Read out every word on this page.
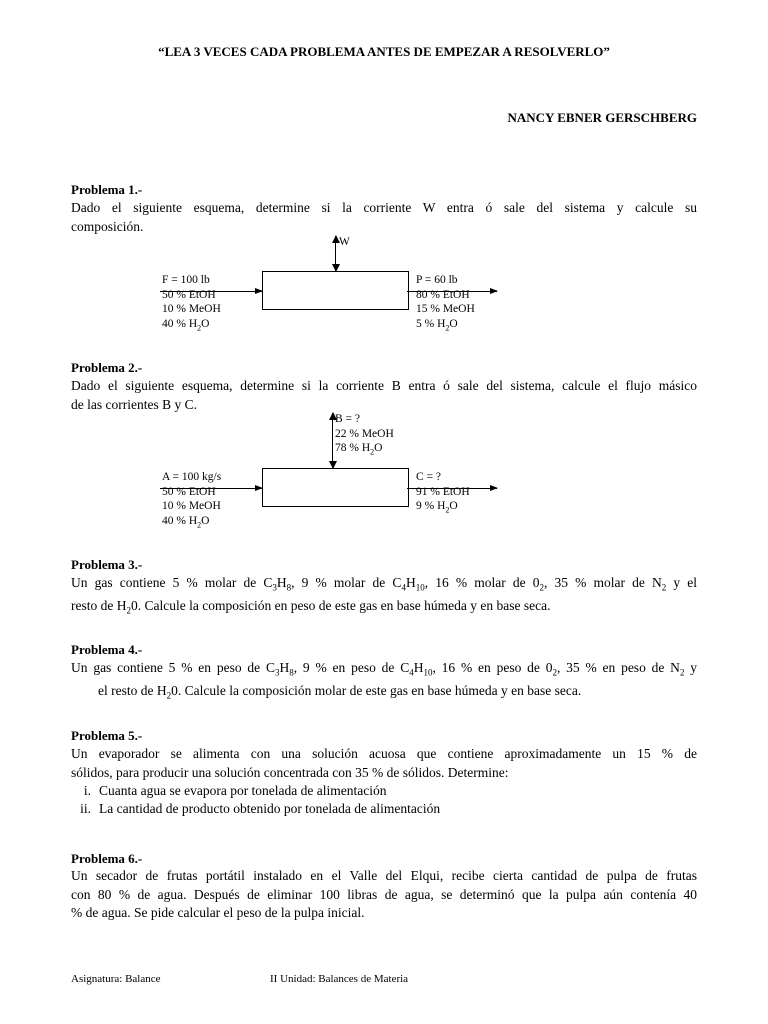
“LEA 3 VECES CADA PROBLEMA ANTES DE EMPEZAR A RESOLVERLO”
NANCY EBNER GERSCHBERG
Problema 1.-
Dado el siguiente esquema, determine si la corriente W entra ó sale del sistema y calcule su
composición.
W
F = 100 lb
50 % EtOH
10 % MeOH
40 % $H_2O$
P = 60 lb
80 % EtOH
15 % MeOH
5 % $H_2O$
Problema 2.-
Dado el siguiente esquema, determine si la corriente B entra ó sale del sistema, calcule el flujo másico
de las corrientes B y C.
B = ?
22 % MeOH
78 % $H_2O$
A = 100 kg/s
50 % EtOH
10 % MeOH
40 % $H_2O$
C = ?
91 % EtOH
9 % $H_2O$
Problema 3.-
Un gas contiene 5 % molar de $C_3H_8$, 9 % molar de $C_4H_{10}$, 16 % molar de $0_2$, 35 % molar de $N_2$ y el
resto de $H_20$. Calcule la composición en peso de este gas en base húmeda y en base seca.
Problema 4.-
Un gas contiene 5 % en peso de $C_3H_8$, 9 % en peso de $C_4H_{10}$, 16 % en peso de $0_2$, 35 % en peso de $N_2$ y
el resto de $H_20$. Calcule la composición molar de este gas en base húmeda y en base seca.
Problema 5.-
Un evaporador se alimenta con una solución acuosa que contiene aproximadamente un 15 % de
sólidos, para producir una solución concentrada con 35 % de sólidos. Determine:
i. Cuanta agua se evapora por tonelada de alimentación
ii. La cantidad de producto obtenido por tonelada de alimentación
Problema 6.-
Un secador de frutas portátil instalado en el Valle del Elqui, recibe cierta cantidad de pulpa de frutas
con 80 % de agua. Después de eliminar 100 libras de agua, se determinó que la pulpa aún contenía 40
% de agua. Se pide calcular el peso de la pulpa inicial.
Asignatura: Balance	II Unidad: Balances de Materia
